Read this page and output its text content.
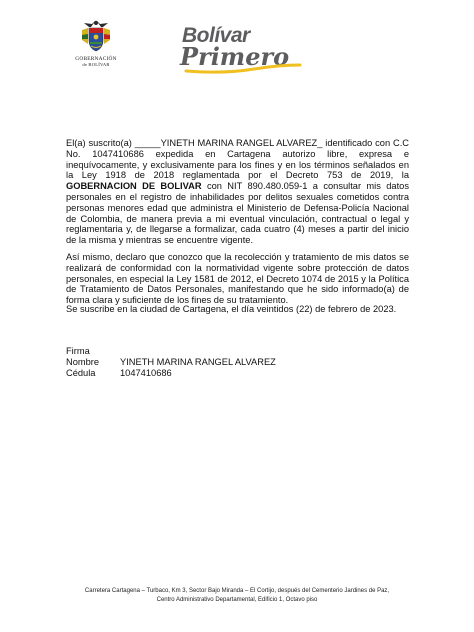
GOBERNACIÓN
de BOLÍVAR
Bolívar
Primero

El(a) suscrito(a) _____YINETH MARINA RANGEL ALVAREZ_ identificado con C.C No. 1047410686 expedida en Cartagena autorizo libre, expresa e inequívocamente, y exclusivamente para los fines y en los términos señalados en la Ley 1918 de 2018 reglamentada por el Decreto 753 de 2019, la GOBERNACION DE BOLIVAR con NIT 890.480.059-1 a consultar mis datos personales en el registro de inhabilidades por delitos sexuales cometidos contra personas menores edad que administra el Ministerio de Defensa-Policía Nacional de Colombia, de manera previa a mi eventual vinculación, contractual o legal y reglamentaria y, de llegarse a formalizar, cada cuatro (4) meses a partir del inicio de la misma y mientras se encuentre vigente.

Así mismo, declaro que conozco que la recolección y tratamiento de mis datos se realizará de conformidad con la normatividad vigente sobre protección de datos personales, en especial la Ley 1581 de 2012, el Decreto 1074 de 2015 y la Política de Tratamiento de Datos Personales, manifestando que he sido informado(a) de forma clara y suficiente de los fines de su tratamiento.

Se suscribe en la ciudad de Cartagena, el día veintidos (22) de febrero de 2023.

Firma
Nombre	YINETH MARINA RANGEL ALVAREZ
Cédula	1047410686
Carretera Cartagena – Turbaco, Km 3, Sector Bajo Miranda – El Cortijo, después del Cementerio Jardines de Paz,
Centro Administrativo Departamental, Edificio 1, Octavo piso
